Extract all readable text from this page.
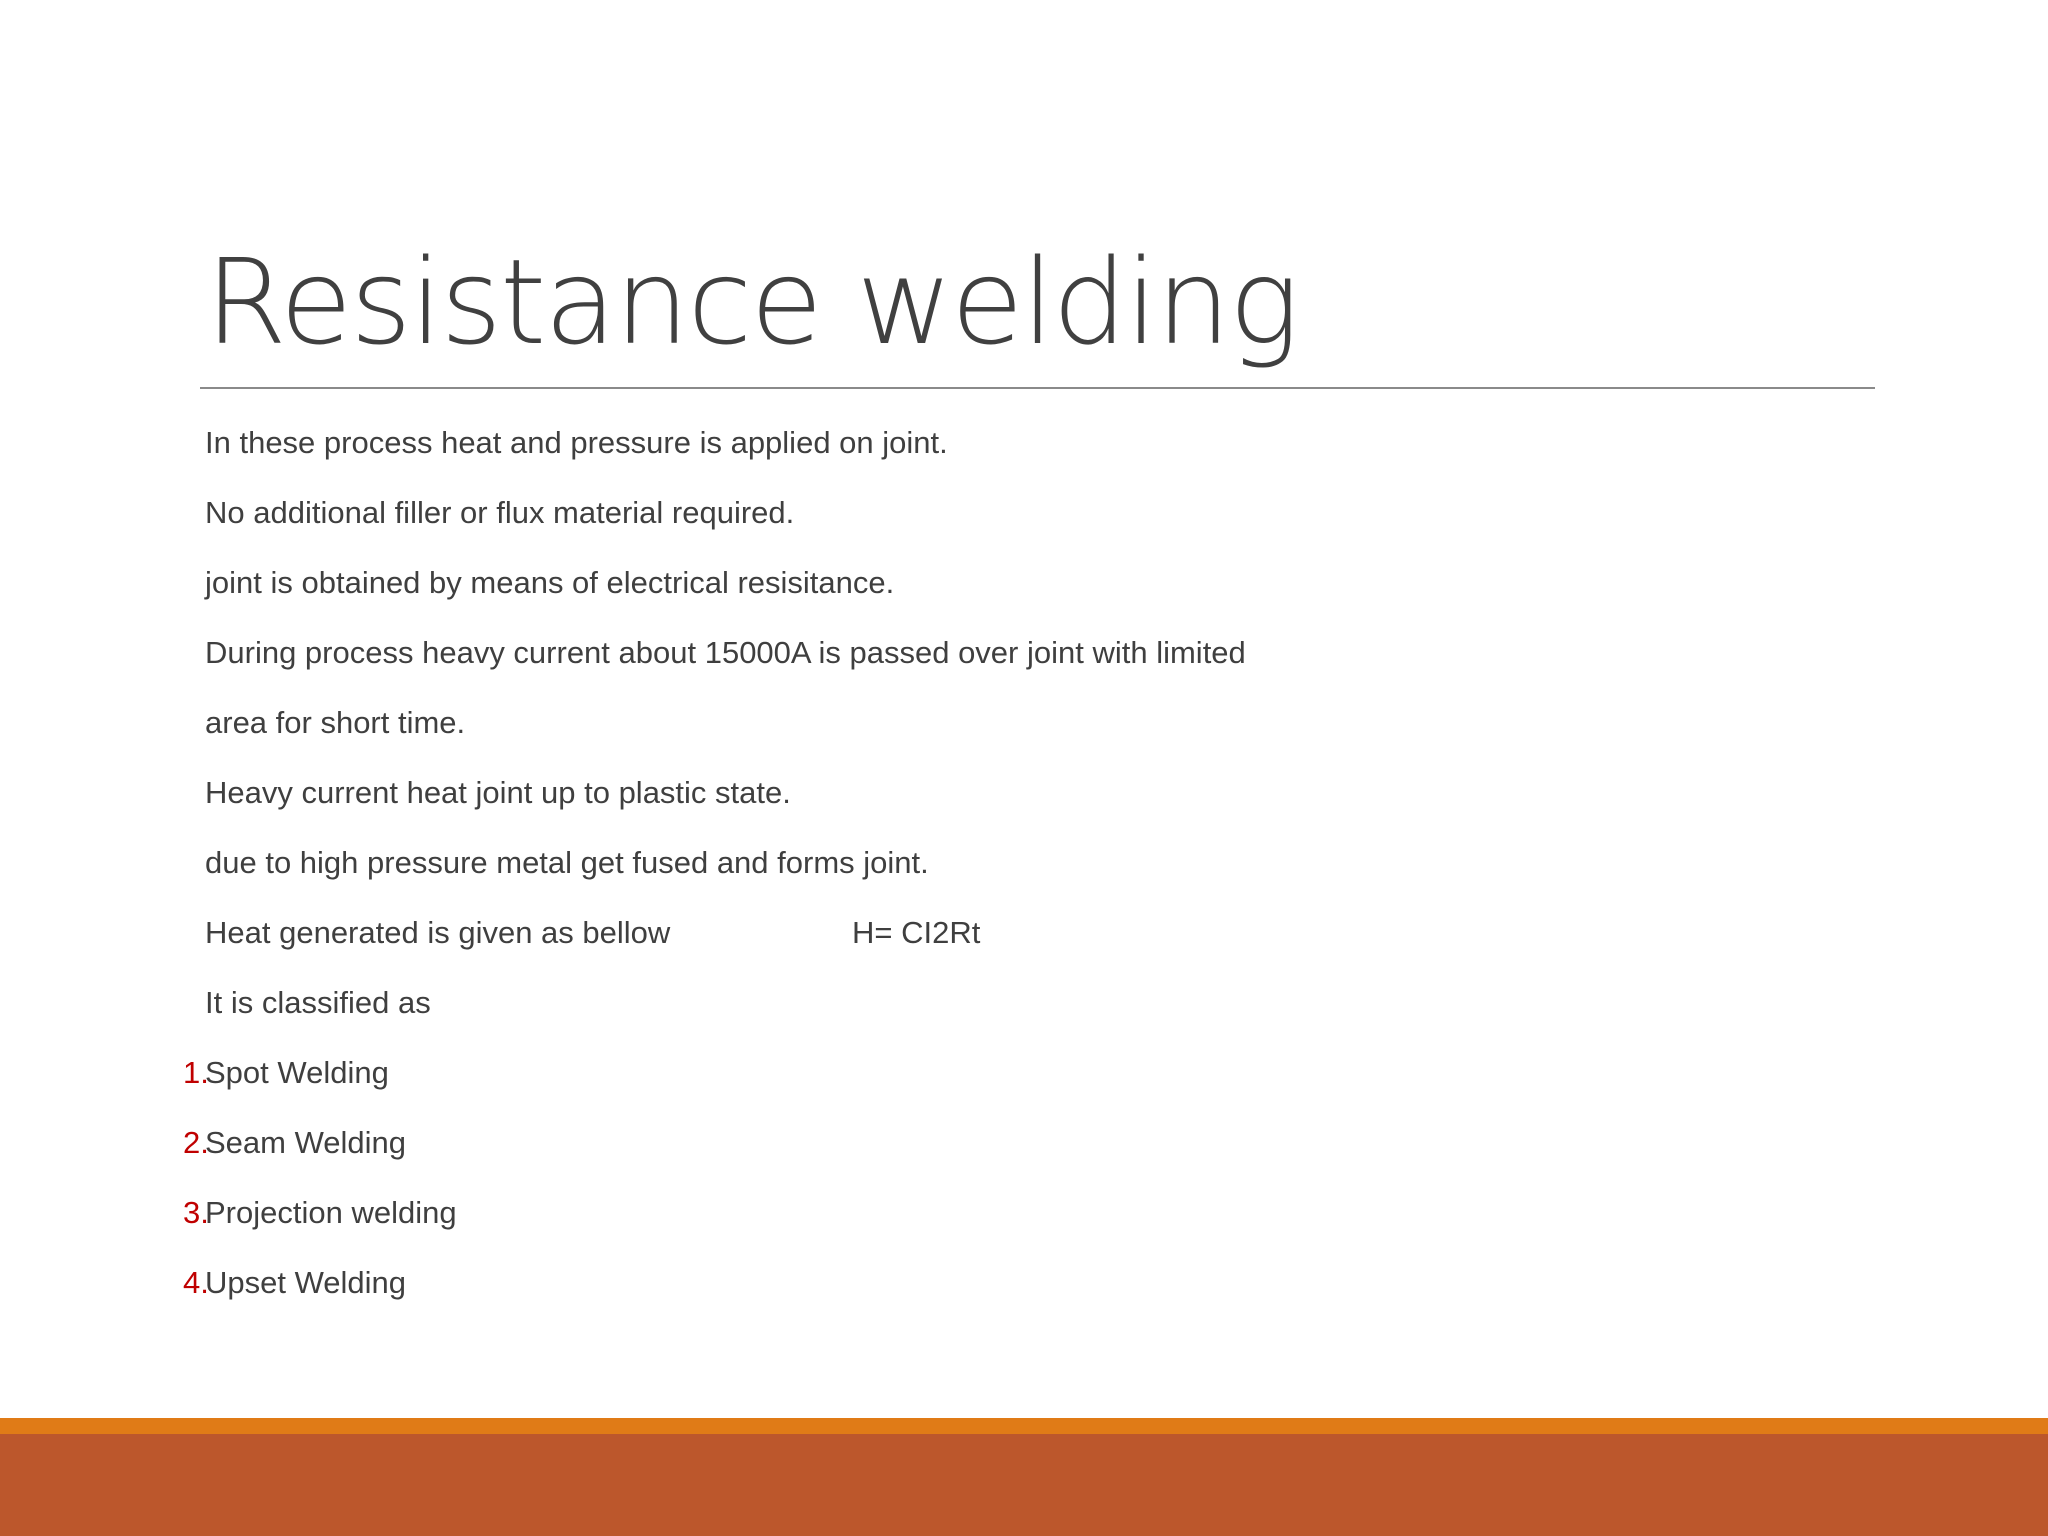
Resistance welding
In these process heat and pressure is applied on joint.
No additional filler or flux material required.
joint is obtained by means of electrical resisitance.
During process heavy current about 15000A is passed over joint with limited
area for short time.
Heavy current heat joint up to plastic state.
due to high pressure metal get fused and forms joint.
Heat generated is given as bellow	H= CI2Rt
It is classified as
1.
Spot Welding
2.
Seam Welding
3.
Projection welding
4.
Upset Welding
